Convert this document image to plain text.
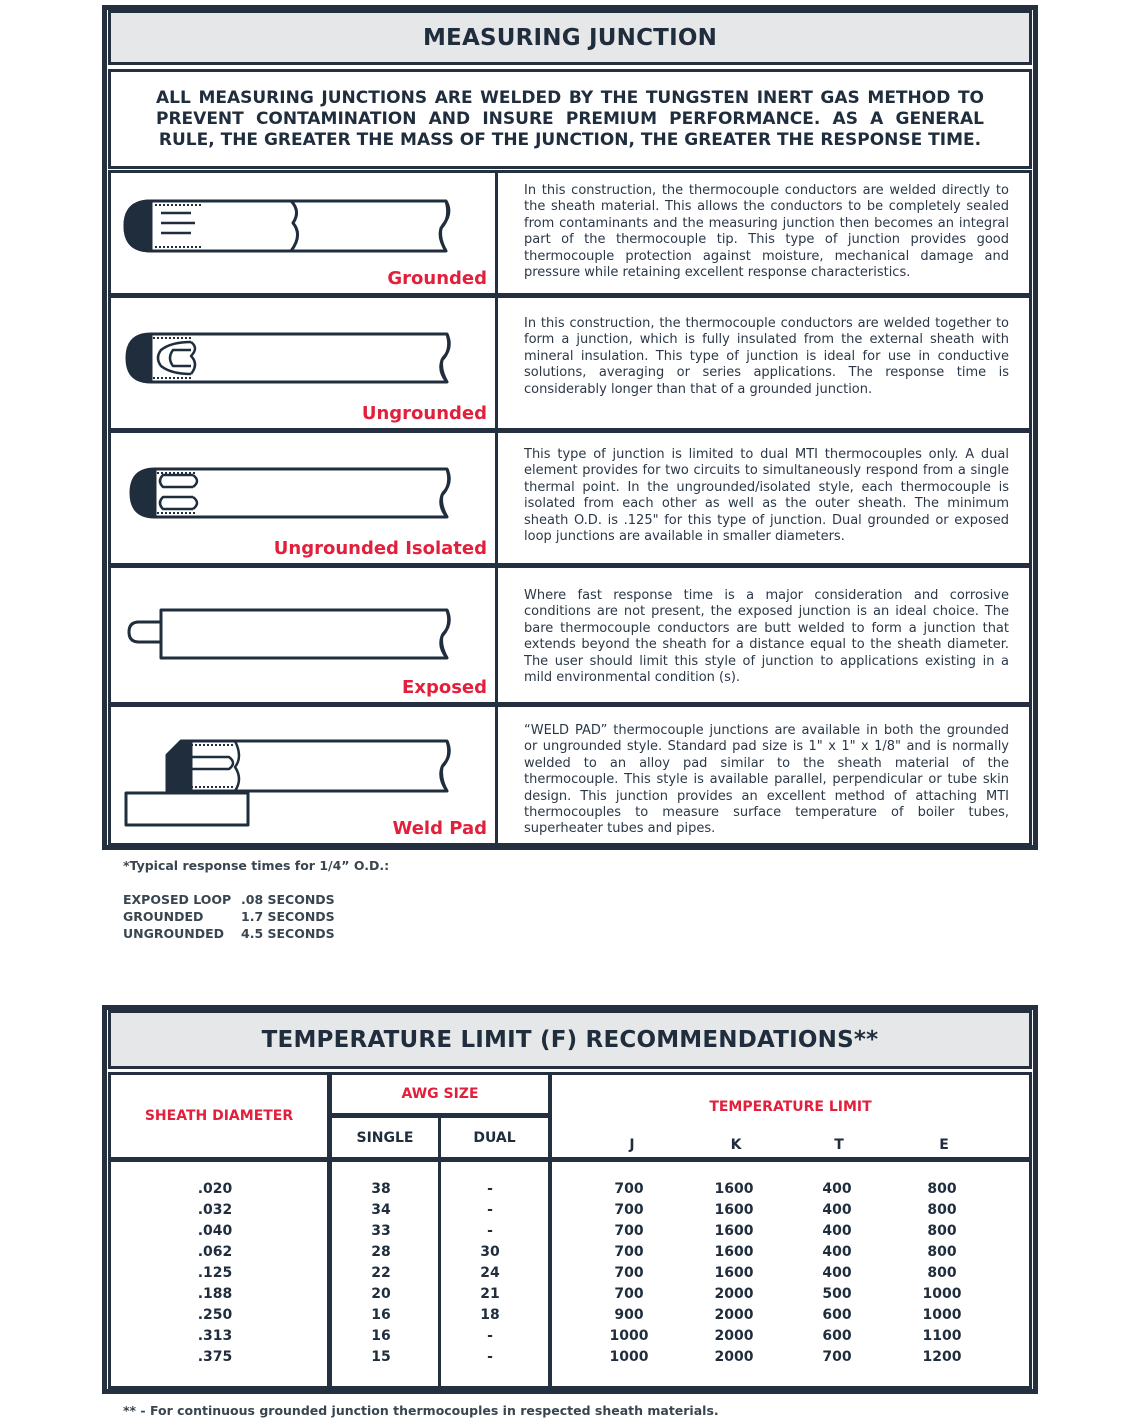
MEASURING JUNCTION
ALL MEASURING JUNCTIONS ARE WELDED BY THE TUNGSTEN INERT GAS METHOD TO PREVENT CONTAMINATION AND INSURE PREMIUM PERFORMANCE. AS A GENERAL RULE, THE GREATER THE MASS OF THE JUNCTION, THE GREATER THE RESPONSE TIME.
Grounded
In this construction, the thermocouple conductors are welded directly to the sheath material. This allows the conductors to be completely sealed from contaminants and the measuring junction then becomes an integral part of the thermocouple tip. This type of junction provides good thermocouple protection against moisture, mechanical damage and pressure while retaining excellent response characteristics.
Ungrounded
In this construction, the thermocouple conductors are welded together to form a junction, which is fully insulated from the external sheath with mineral insulation. This type of junction is ideal for use in conductive solutions, averaging or series applications. The response time is considerably longer than that of a grounded junction.
Ungrounded Isolated
This type of junction is limited to dual MTI thermocouples only. A dual element provides for two circuits to simultaneously respond from a single thermal point. In the ungrounded/isolated style, each thermocouple is isolated from each other as well as the outer sheath. The minimum sheath O.D. is .125" for this type of junction. Dual grounded or exposed loop junctions are available in smaller diameters.
Exposed
Where fast response time is a major consideration and corrosive conditions are not present, the exposed junction is an ideal choice. The bare thermocouple conductors are butt welded to form a junction that extends beyond the sheath for a distance equal to the sheath diameter. The user should limit this style of junction to applications existing in a mild environmental condition (s).
Weld Pad
“WELD PAD” thermocouple junctions are available in both the grounded or ungrounded style. Standard pad size is 1" x 1" x 1/8" and is normally welded to an alloy pad similar to the sheath material of the thermocouple. This style is available parallel, perpendicular or tube skin design. This junction provides an excellent method of attaching MTI thermocouples to measure surface temperature of boiler tubes, superheater tubes and pipes.
*Typical response times for 1/4” O.D.:
EXPOSED LOOP .08 SECONDS
GROUNDED	1.7 SECONDS
UNGROUNDED 4.5 SECONDS
TEMPERATURE LIMIT (F) RECOMMENDATIONS**
SHEATH DIAMETER
AWG SIZE
SINGLE	DUAL
TEMPERATURE LIMIT
J	K	T	E
.020	38	-	700	1600	400	800
.032	34	-	700	1600	400	800
.040	33	-	700	1600	400	800
.062	28	30	700	1600	400	800
.125	22	24	700	1600	400	800
.188	20	21	700	2000	500	1000
.250	16	18	900	2000	600	1000
.313	16	-	1000	2000	600	1100
.375	15	-	1000	2000	700	1200
** - For continuous grounded junction thermocouples in respected sheath materials.
